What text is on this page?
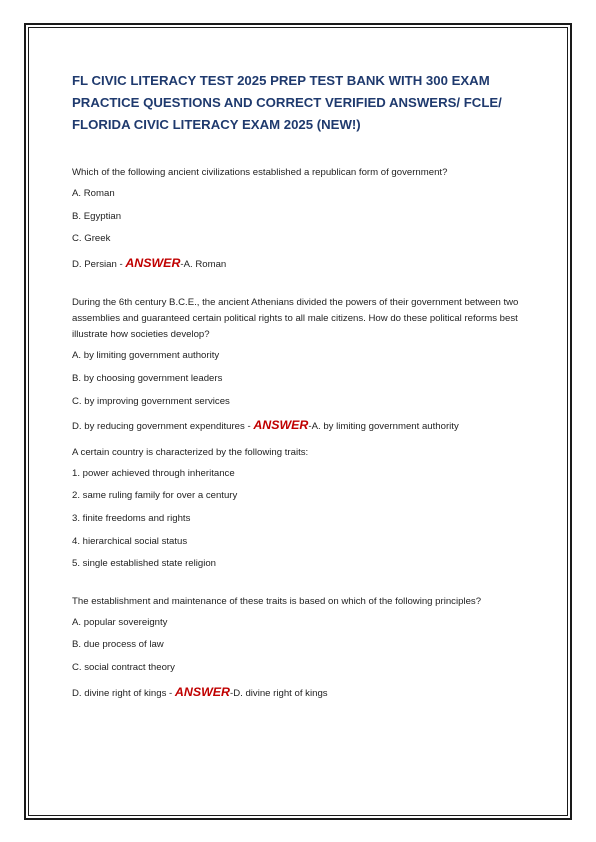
FL CIVIC LITERACY TEST 2025 PREP TEST BANK WITH 300 EXAM PRACTICE QUESTIONS AND CORRECT VERIFIED ANSWERS/ FCLE/ FLORIDA CIVIC LITERACY EXAM 2025 (NEW!)

Which of the following ancient civilizations established a republican form of government?

A. Roman

B. Egyptian

C. Greek

D. Persian - ANSWER-A. Roman

During the 6th century B.C.E., the ancient Athenians divided the powers of their government between two assemblies and guaranteed certain political rights to all male citizens. How do these political reforms best illustrate how societies develop?

A. by limiting government authority

B. by choosing government leaders

C. by improving government services

D. by reducing government expenditures - ANSWER-A. by limiting government authority

A certain country is characterized by the following traits:

1. power achieved through inheritance

2. same ruling family for over a century

3. finite freedoms and rights

4. hierarchical social status

5. single established state religion

The establishment and maintenance of these traits is based on which of the following principles?

A. popular sovereignty

B. due process of law

C. social contract theory

D. divine right of kings - ANSWER-D. divine right of kings
